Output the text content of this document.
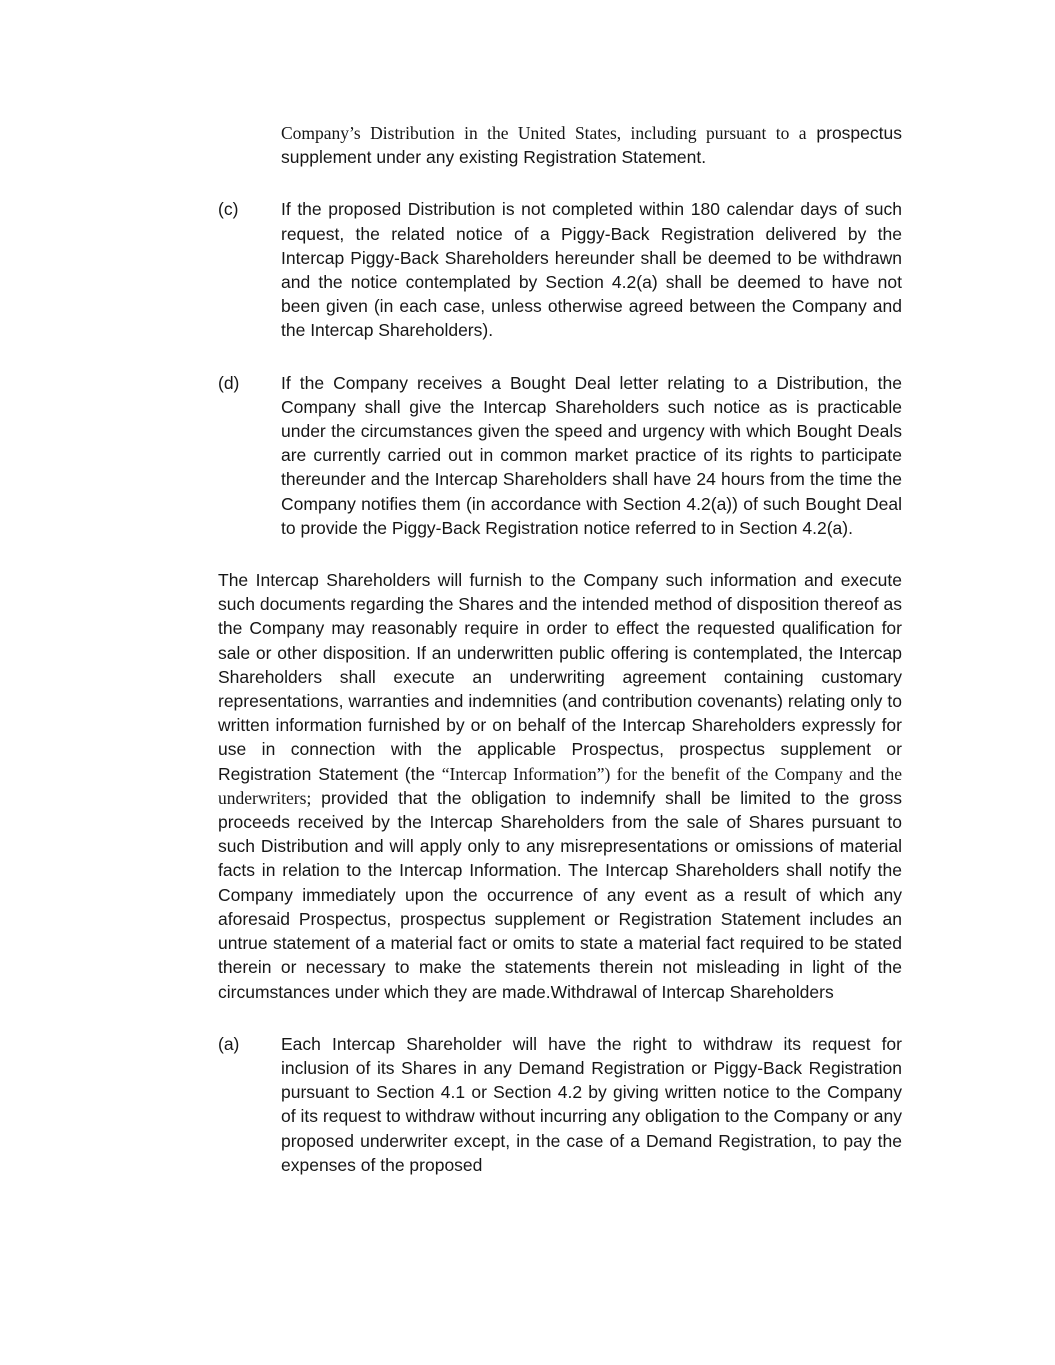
Company’s Distribution in the United States, including pursuant to a prospectus supplement under any existing Registration Statement.

(c)	If the proposed Distribution is not completed within 180 calendar days of such request, the related notice of a Piggy-Back Registration delivered by the Intercap Piggy-Back Shareholders hereunder shall be deemed to be withdrawn and the notice contemplated by Section 4.2(a) shall be deemed to have not been given (in each case, unless otherwise agreed between the Company and the Intercap Shareholders).

(d)	If the Company receives a Bought Deal letter relating to a Distribution, the Company shall give the Intercap Shareholders such notice as is practicable under the circumstances given the speed and urgency with which Bought Deals are currently carried out in common market practice of its rights to participate thereunder and the Intercap Shareholders shall have 24 hours from the time the Company notifies them (in accordance with Section 4.2(a)) of such Bought Deal to provide the Piggy-Back Registration notice referred to in Section 4.2(a).

The Intercap Shareholders will furnish to the Company such information and execute such documents regarding the Shares and the intended method of disposition thereof as the Company may reasonably require in order to effect the requested qualification for sale or other disposition. If an underwritten public offering is contemplated, the Intercap Shareholders shall execute an underwriting agreement containing customary representations, warranties and indemnities (and contribution covenants) relating only to written information furnished by or on behalf of the Intercap Shareholders expressly for use in connection with the applicable Prospectus, prospectus supplement or Registration Statement (the “Intercap Information”) for the benefit of the Company and the underwriters; provided that the obligation to indemnify shall be limited to the gross proceeds received by the Intercap Shareholders from the sale of Shares pursuant to such Distribution and will apply only to any misrepresentations or omissions of material facts in relation to the Intercap Information. The Intercap Shareholders shall notify the Company immediately upon the occurrence of any event as a result of which any aforesaid Prospectus, prospectus supplement or Registration Statement includes an untrue statement of a material fact or omits to state a material fact required to be stated therein or necessary to make the statements therein not misleading in light of the circumstances under which they are made.Withdrawal of Intercap Shareholders

(a)	Each Intercap Shareholder will have the right to withdraw its request for inclusion of its Shares in any Demand Registration or Piggy-Back Registration pursuant to Section 4.1 or Section 4.2 by giving written notice to the Company of its request to withdraw without incurring any obligation to the Company or any proposed underwriter except, in the case of a Demand Registration, to pay the expenses of the proposed
